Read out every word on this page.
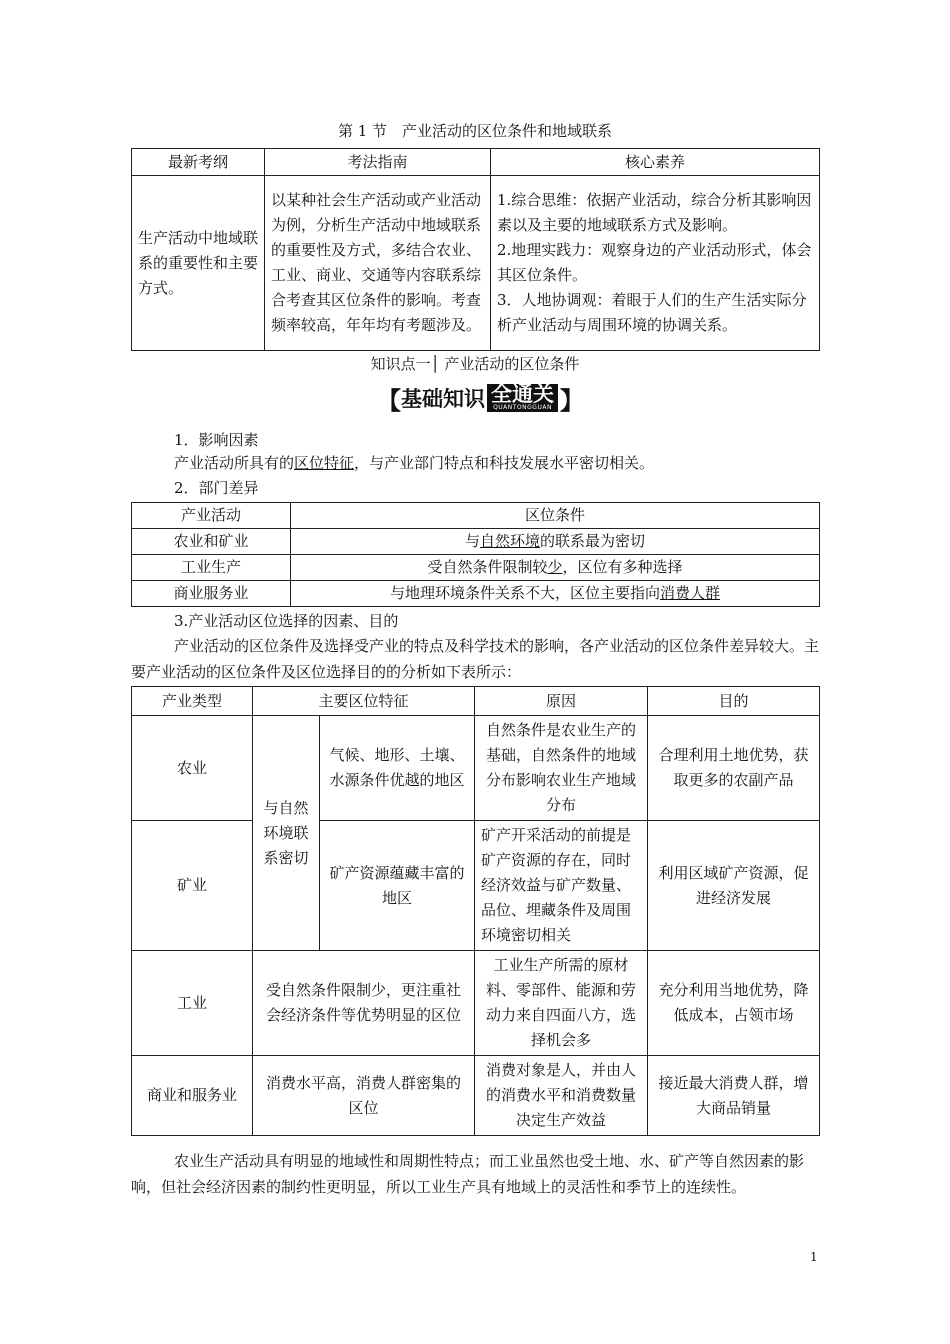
第 1 节　产业活动的区位条件和地域联系
最新考纲	考法指南	核心素养
生产活动中地域联系的重要性和主要方式。	以某种社会生产活动或产业活动为例，分析生产活动中地域联系的重要性及方式，多结合农业、工业、商业、交通等内容联系综合考查其区位条件的影响。考查频率较高，年年均有考题涉及。	1.综合思维：依据产业活动，综合分析其影响因素以及主要的地域联系方式及影响。
2.地理实践力：观察身边的产业活动形式，体会其区位条件。
3．人地协调观：着眼于人们的生产生活实际分析产业活动与周围环境的协调关系。
知识点一│ 产业活动的区位条件
【 基础知识 全通关
QUANTONGGUAN 】
1．影响因素
产业活动所具有的区位特征，与产业部门特点和科技发展水平密切相关。
2．部门差异
产业活动	区位条件
农业和矿业	与自然环境的联系最为密切
工业生产	受自然条件限制较少，区位有多种选择
商业服务业	与地理环境条件关系不大，区位主要指向消费人群
3.产业活动区位选择的因素、目的
产业活动的区位条件及选择受产业的特点及科学技术的影响，各产业活动的区位条件差异较大。主要产业活动的区位条件及区位选择目的的分析如下表所示：
产业类型	主要区位特征		原因	目的
农业	与自然环境联系密切	气候、地形、土壤、水源条件优越的地区	自然条件是农业生产的基础，自然条件的地域分布影响农业生产地域分布	合理利用土地优势，获取更多的农副产品
矿业		矿产资源蕴藏丰富的地区	矿产开采活动的前提是矿产资源的存在，同时经济效益与矿产数量、品位、埋藏条件及周围环境密切相关	利用区域矿产资源，促进经济发展
工业	受自然条件限制少，更注重社会经济条件等优势明显的区位		工业生产所需的原材料、零部件、能源和劳动力来自四面八方，选择机会多	充分利用当地优势，降低成本，占领市场
商业和服务业	消费水平高，消费人群密集的区位		消费对象是人，并由人的消费水平和消费数量决定生产效益	接近最大消费人群，增大商品销量
农业生产活动具有明显的地域性和周期性特点；而工业虽然也受土地、水、矿产等自然因素的影响，但社会经济因素的制约性更明显，所以工业生产具有地域上的灵活性和季节上的连续性。
1
